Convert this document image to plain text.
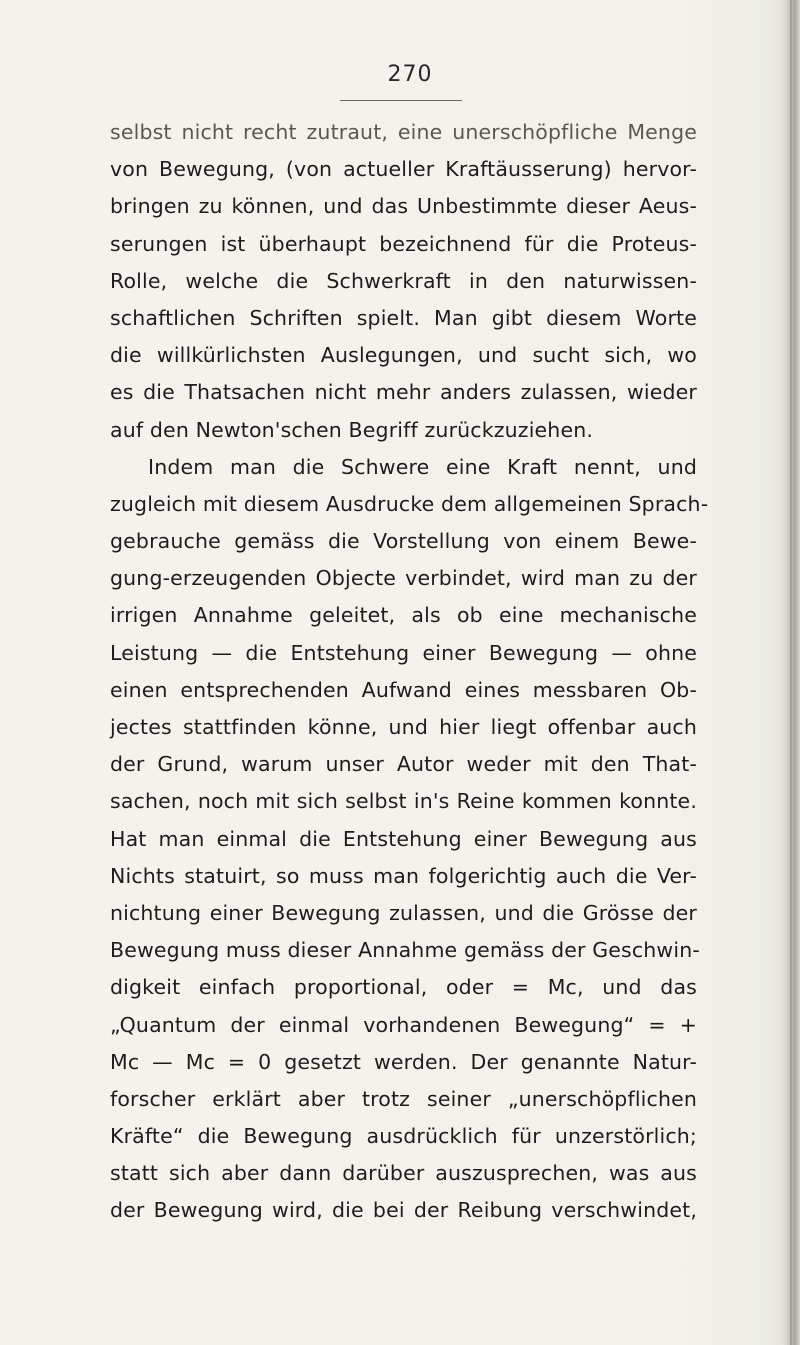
270
selbst nicht recht zutraut, eine unerschöpfliche Menge
von Bewegung, (von actueller Kraftäusserung) hervor-
bringen zu können, und das Unbestimmte dieser Aeus-
serungen ist überhaupt bezeichnend für die Proteus-
Rolle, welche die Schwerkraft in den naturwissen-
schaftlichen Schriften spielt. Man gibt diesem Worte
die willkürlichsten Auslegungen, und sucht sich, wo
es die Thatsachen nicht mehr anders zulassen, wieder
auf den Newton'schen Begriff zurückzuziehen.
Indem man die Schwere eine Kraft nennt, und
zugleich mit diesem Ausdrucke dem allgemeinen Sprach-
gebrauche gemäss die Vorstellung von einem Bewe-
gung-erzeugenden Objecte verbindet, wird man zu der
irrigen Annahme geleitet, als ob eine mechanische
Leistung — die Entstehung einer Bewegung — ohne
einen entsprechenden Aufwand eines messbaren Ob-
jectes stattfinden könne, und hier liegt offenbar auch
der Grund, warum unser Autor weder mit den That-
sachen, noch mit sich selbst in's Reine kommen konnte.
Hat man einmal die Entstehung einer Bewegung aus
Nichts statuirt, so muss man folgerichtig auch die Ver-
nichtung einer Bewegung zulassen, und die Grösse der
Bewegung muss dieser Annahme gemäss der Geschwin-
digkeit einfach proportional, oder = Mc, und das
„Quantum der einmal vorhandenen Bewegung“ = +
Mc — Mc = 0 gesetzt werden. Der genannte Natur-
forscher erklärt aber trotz seiner „unerschöpflichen
Kräfte“ die Bewegung ausdrücklich für unzerstörlich;
statt sich aber dann darüber auszusprechen, was aus
der Bewegung wird, die bei der Reibung verschwindet,
